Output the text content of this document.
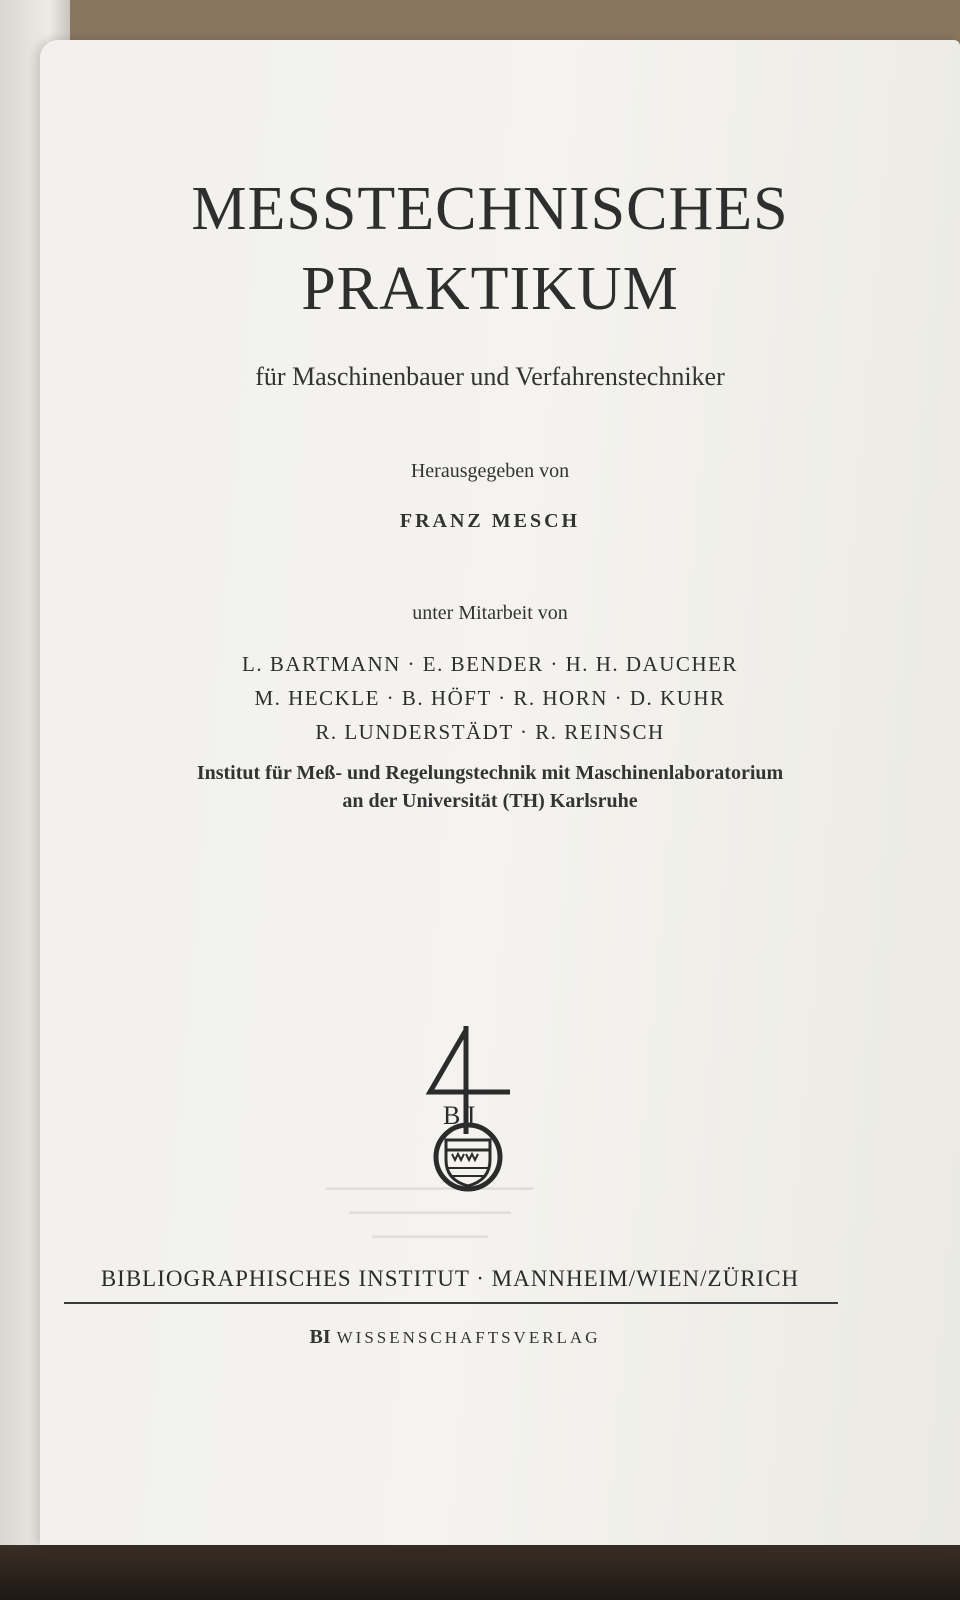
MESSTECHNISCHES
PRAKTIKUM
für Maschinenbauer und Verfahrenstechniker
Herausgegeben von
FRANZ MESCH
unter Mitarbeit von
L. BARTMANN · E. BENDER · H. H. DAUCHER
M. HECKLE · B. HÖFT · R. HORN · D. KUHR
R. LUNDERSTÄDT · R. REINSCH
Institut für Meß- und Regelungstechnik mit Maschinenlaboratorium
an der Universität (TH) Karlsruhe
▁▁▁▁▁▁▁▁▁▁▁▁▁▁▁▁▁▁
▁▁▁▁▁▁▁▁▁▁▁▁▁▁
▁▁▁▁▁▁▁▁▁▁
B I
BIBLIOGRAPHISCHES INSTITUT · MANNHEIM/WIEN/ZÜRICH
BI WISSENSCHAFTSVERLAG
